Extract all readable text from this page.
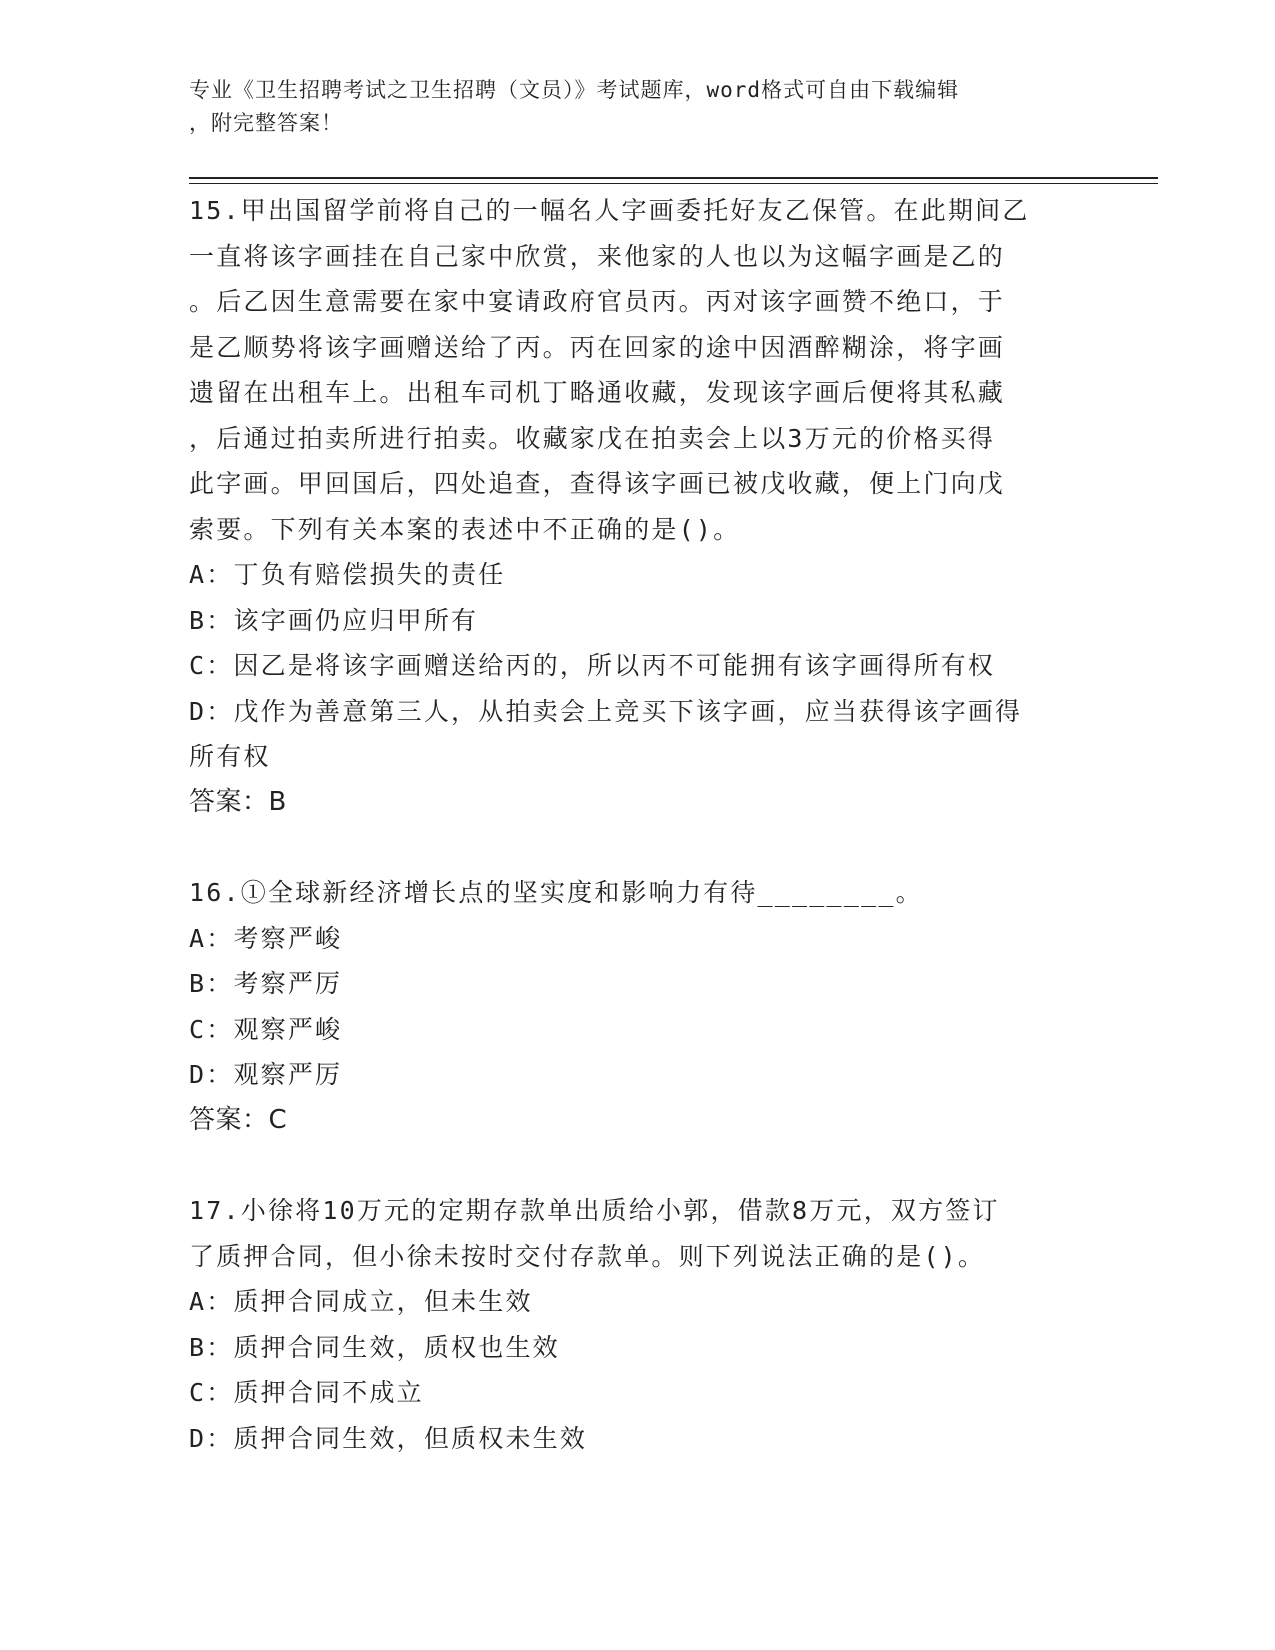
专业《卫生招聘考试之卫生招聘（文员）》考试题库，word格式可自由下载编辑
，附完整答案！
15.甲出国留学前将自己的一幅名人字画委托好友乙保管。在此期间乙
一直将该字画挂在自己家中欣赏，来他家的人也以为这幅字画是乙的
。后乙因生意需要在家中宴请政府官员丙。丙对该字画赞不绝口，于
是乙顺势将该字画赠送给了丙。丙在回家的途中因酒醉糊涂，将字画
遗留在出租车上。出租车司机丁略通收藏，发现该字画后便将其私藏
，后通过拍卖所进行拍卖。收藏家戊在拍卖会上以3万元的价格买得
此字画。甲回国后，四处追查，查得该字画已被戊收藏，便上门向戊
索要。下列有关本案的表述中不正确的是()。
A：丁负有赔偿损失的责任
B：该字画仍应归甲所有
C：因乙是将该字画赠送给丙的，所以丙不可能拥有该字画得所有权
D：戊作为善意第三人，从拍卖会上竞买下该字画，应当获得该字画得
所有权
答案：B
16.①全球新经济增长点的坚实度和影响力有待________。
A：考察严峻
B：考察严厉
C：观察严峻
D：观察严厉
答案：C
17.小徐将10万元的定期存款单出质给小郭，借款8万元，双方签订
了质押合同，但小徐未按时交付存款单。则下列说法正确的是()。
A：质押合同成立，但未生效
B：质押合同生效，质权也生效
C：质押合同不成立
D：质押合同生效，但质权未生效
